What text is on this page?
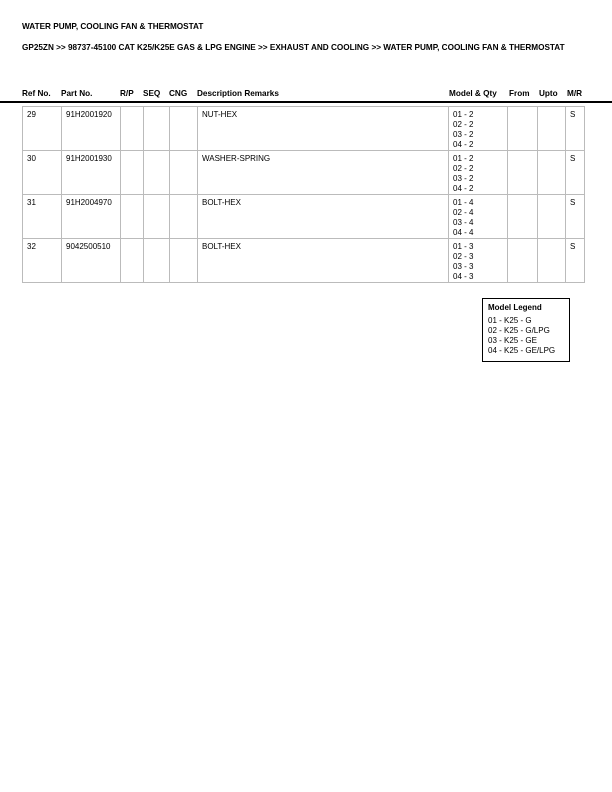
WATER PUMP, COOLING FAN & THERMOSTAT
GP25ZN >> 98737-45100 CAT K25/K25E GAS & LPG ENGINE >> EXHAUST AND COOLING >> WATER PUMP, COOLING FAN & THERMOSTAT
Ref No. Part No.	R/P SEQ CNG Description Remarks	Model & Qty From Upto M/R
29	91H2001920				NUT-HEX	01 - 2
02 - 2
03 - 2
04 - 2			S
30	91H2001930				WASHER-SPRING	01 - 2
02 - 2
03 - 2
04 - 2			S
31	91H2004970				BOLT-HEX	01 - 4
02 - 4
03 - 4
04 - 4			S
32	9042500510				BOLT-HEX	01 - 3
02 - 3
03 - 3
04 - 3			S
Model Legend
01 - K25 - G
02 - K25 - G/LPG
03 - K25 - GE
04 - K25 - GE/LPG
